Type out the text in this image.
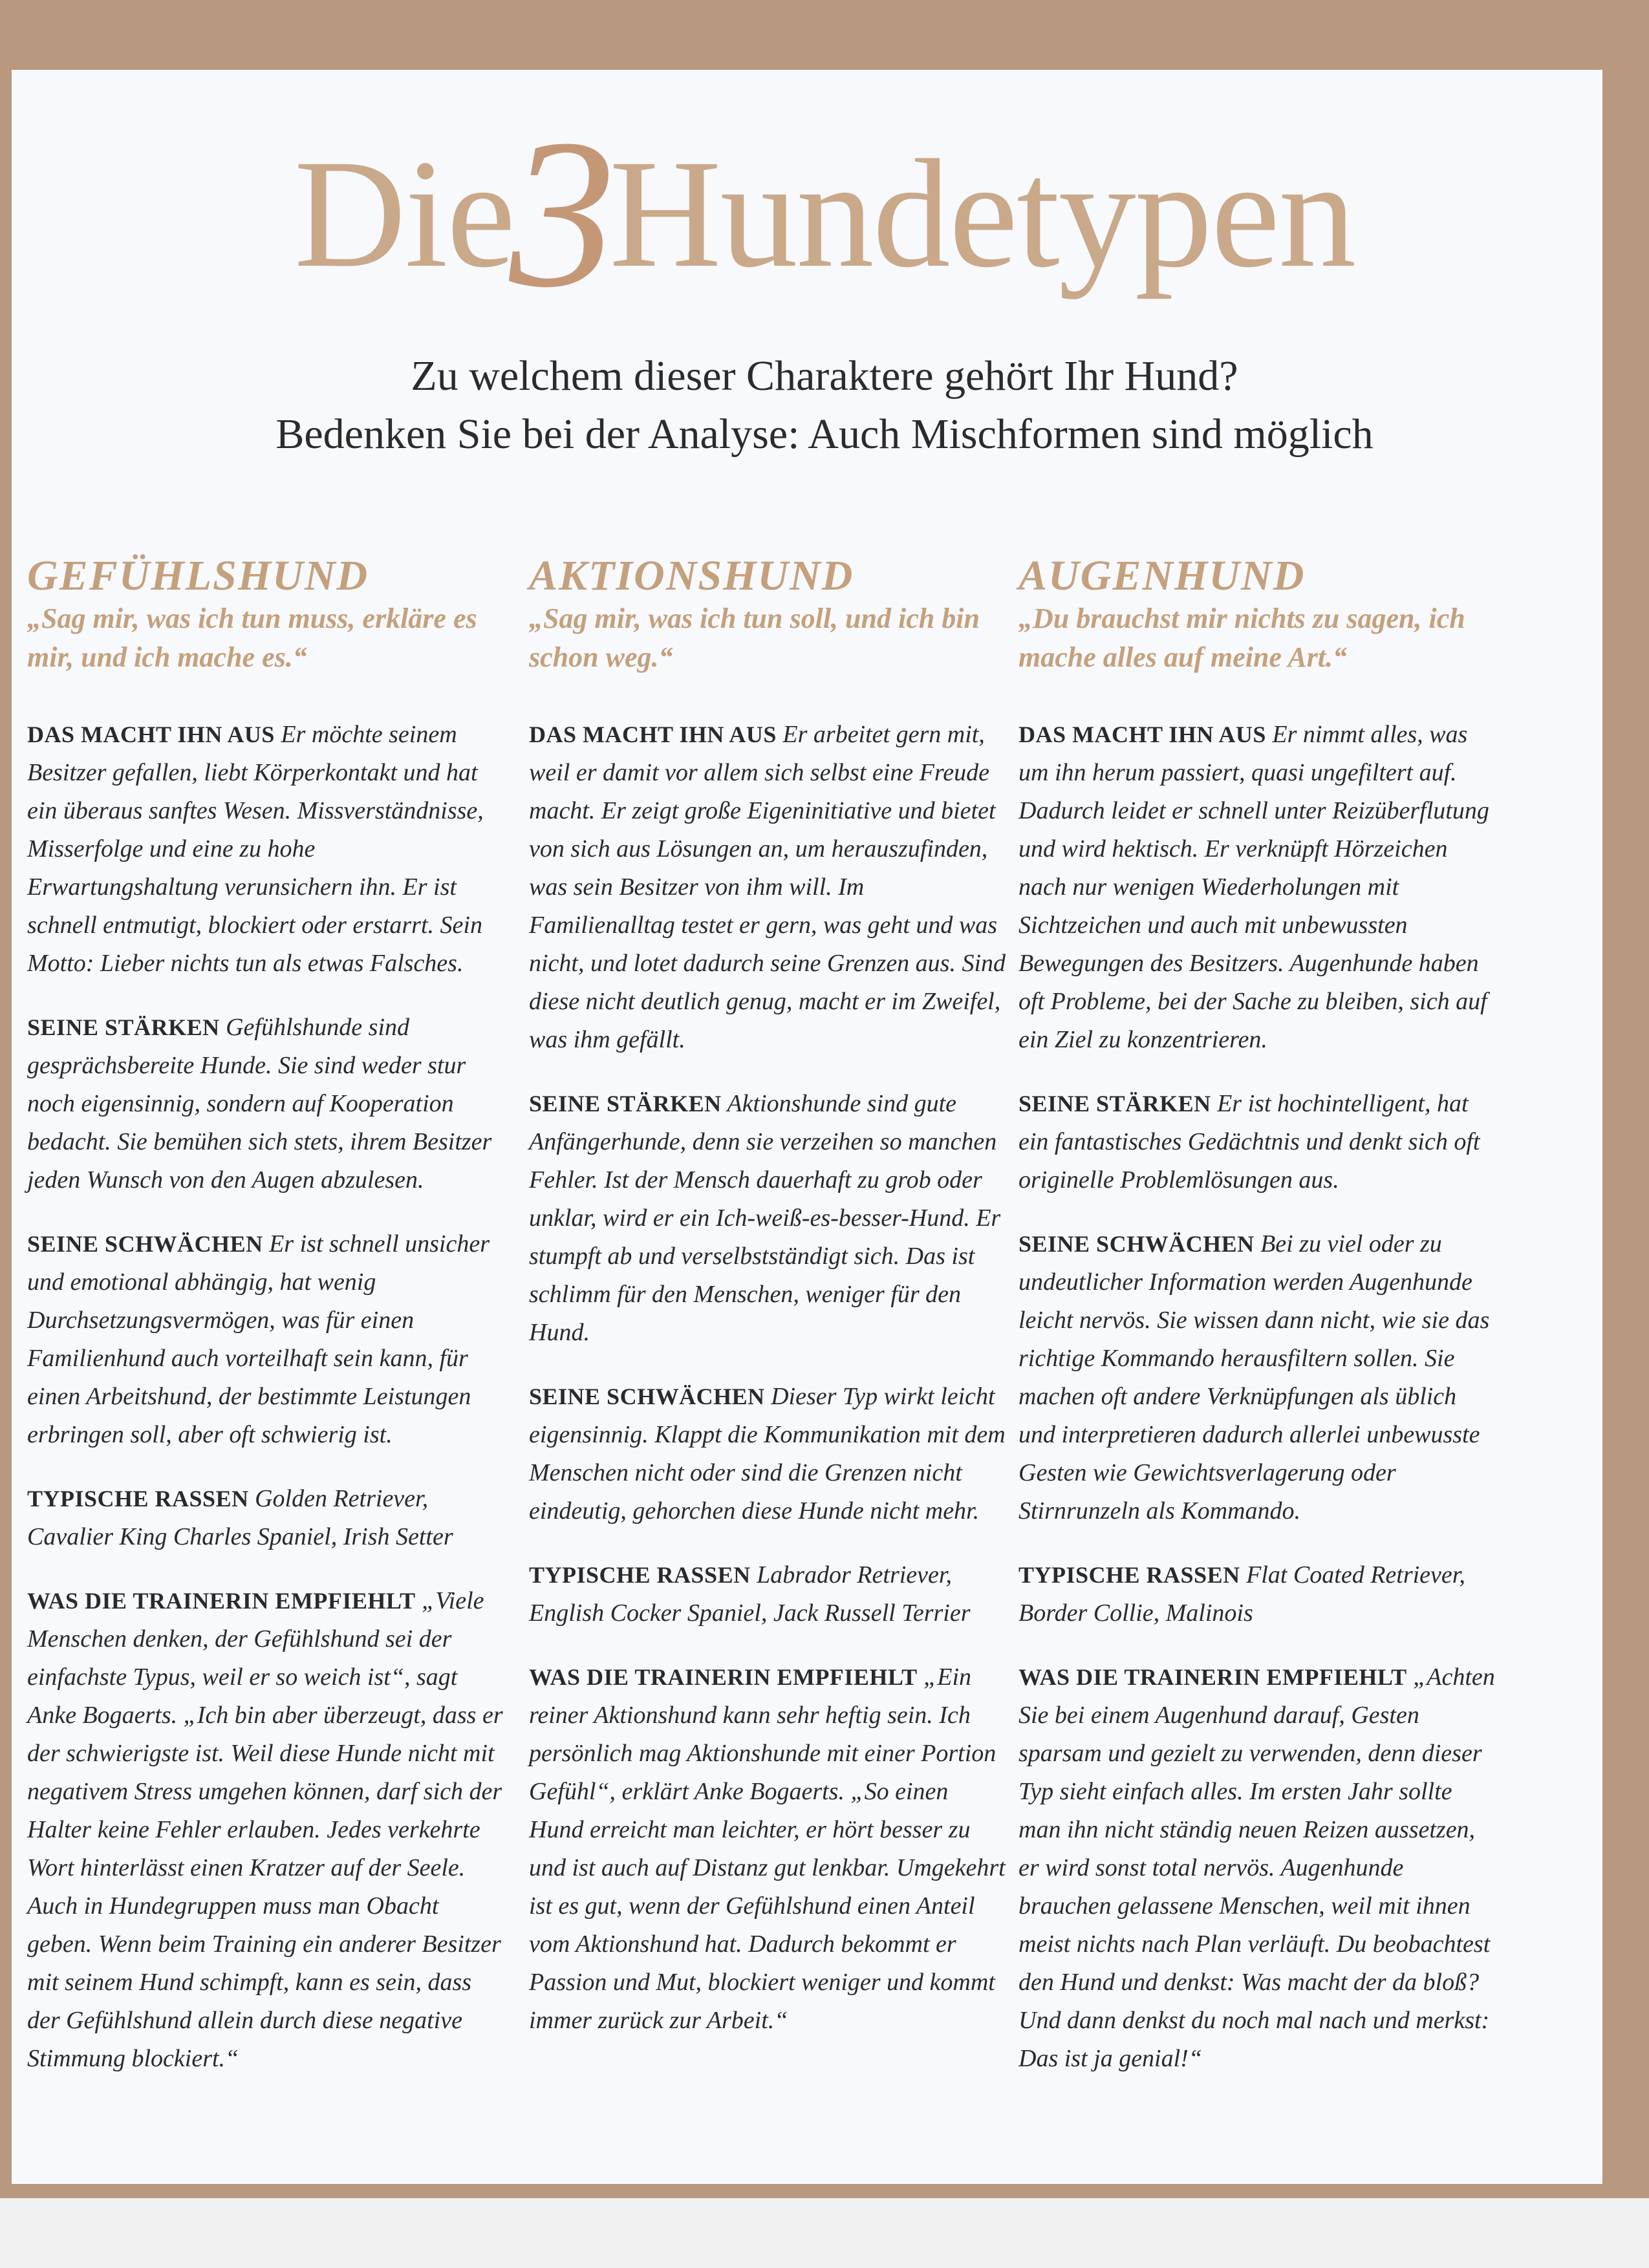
Die3Hundetypen
Zu welchem dieser Charaktere gehört Ihr Hund?
Bedenken Sie bei der Analyse: Auch Mischformen sind möglich
GEFÜHLSHUND

„Sag mir, was ich tun muss, erkläre es mir, und ich mache es.“

DAS MACHT IHN AUS Er möchte seinem Besitzer gefallen, liebt Körperkontakt und hat ein überaus sanftes Wesen. Missverständnisse, Misserfolge und eine zu hohe Erwartungshaltung verunsichern ihn. Er ist schnell entmutigt, blockiert oder erstarrt. Sein Motto: Lieber nichts tun als etwas Falsches.

SEINE STÄRKEN Gefühlshunde sind gesprächsbereite Hunde. Sie sind weder stur noch eigensinnig, sondern auf Kooperation bedacht. Sie bemühen sich stets, ihrem Besitzer jeden Wunsch von den Augen abzulesen.

SEINE SCHWÄCHEN Er ist schnell unsicher und emotional abhängig, hat wenig Durchsetzungsvermögen, was für einen Familienhund auch vorteilhaft sein kann, für einen Arbeitshund, der bestimmte Leistungen erbringen soll, aber oft schwierig ist.

TYPISCHE RASSEN Golden Retriever, Cavalier King Charles Spaniel, Irish Setter

WAS DIE TRAINERIN EMPFIEHLT „Viele Menschen denken, der Gefühlshund sei der einfachste Typus, weil er so weich ist“, sagt Anke Bogaerts. „Ich bin aber überzeugt, dass er der schwierigste ist. Weil diese Hunde nicht mit negativem Stress umgehen können, darf sich der Halter keine Fehler erlauben. Jedes verkehrte Wort hinterlässt einen Kratzer auf der Seele. Auch in Hundegruppen muss man Obacht geben. Wenn beim Training ein anderer Besitzer mit seinem Hund schimpft, kann es sein, dass der Gefühlshund allein durch diese negative Stimmung blockiert.“

AKTIONSHUND

„Sag mir, was ich tun soll, und ich bin schon weg.“

DAS MACHT IHN AUS Er arbeitet gern mit, weil er damit vor allem sich selbst eine Freude macht. Er zeigt große Eigeninitiative und bietet von sich aus Lösungen an, um herauszufinden, was sein Besitzer von ihm will. Im Familienalltag testet er gern, was geht und was nicht, und lotet dadurch seine Grenzen aus. Sind diese nicht deutlich genug, macht er im Zweifel, was ihm gefällt.

SEINE STÄRKEN Aktionshunde sind gute Anfängerhunde, denn sie verzeihen so manchen Fehler. Ist der Mensch dauerhaft zu grob oder unklar, wird er ein Ich-weiß-es-besser-Hund. Er stumpft ab und verselbstständigt sich. Das ist schlimm für den Menschen, weniger für den Hund.

SEINE SCHWÄCHEN Dieser Typ wirkt leicht eigensinnig. Klappt die Kommunikation mit dem Menschen nicht oder sind die Grenzen nicht eindeutig, gehorchen diese Hunde nicht mehr.

TYPISCHE RASSEN Labrador Retriever, English Cocker Spaniel, Jack Russell Terrier

WAS DIE TRAINERIN EMPFIEHLT „Ein reiner Aktionshund kann sehr heftig sein. Ich persönlich mag Aktionshunde mit einer Portion Gefühl“, erklärt Anke Bogaerts. „So einen Hund erreicht man leichter, er hört besser zu und ist auch auf Distanz gut lenkbar. Umgekehrt ist es gut, wenn der Gefühlshund einen Anteil vom Aktionshund hat. Dadurch bekommt er Passion und Mut, blockiert weniger und kommt immer zurück zur Arbeit.“

AUGENHUND

„Du brauchst mir nichts zu sagen, ich mache alles auf meine Art.“

DAS MACHT IHN AUS Er nimmt alles, was um ihn herum passiert, quasi ungefiltert auf. Dadurch leidet er schnell unter Reizüberflutung und wird hektisch. Er verknüpft Hörzeichen nach nur wenigen Wiederholungen mit Sichtzeichen und auch mit unbewussten Bewegungen des Besitzers. Augenhunde haben oft Probleme, bei der Sache zu bleiben, sich auf ein Ziel zu konzentrieren.

SEINE STÄRKEN Er ist hochintelligent, hat ein fantastisches Gedächtnis und denkt sich oft originelle Problemlösungen aus.

SEINE SCHWÄCHEN Bei zu viel oder zu undeutlicher Information werden Augenhunde leicht nervös. Sie wissen dann nicht, wie sie das richtige Kommando herausfiltern sollen. Sie machen oft andere Verknüpfungen als üblich und interpretieren dadurch allerlei unbewusste Gesten wie Gewichtsverlagerung oder Stirnrunzeln als Kommando.

TYPISCHE RASSEN Flat Coated Retriever, Border Collie, Malinois

WAS DIE TRAINERIN EMPFIEHLT „Achten Sie bei einem Augenhund darauf, Gesten sparsam und gezielt zu verwenden, denn dieser Typ sieht einfach alles. Im ersten Jahr sollte man ihn nicht ständig neuen Reizen aussetzen, er wird sonst total nervös. Augenhunde brauchen gelassene Menschen, weil mit ihnen meist nichts nach Plan verläuft. Du beobachtest den Hund und denkst: Was macht der da bloß? Und dann denkst du noch mal nach und merkst: Das ist ja genial!“
